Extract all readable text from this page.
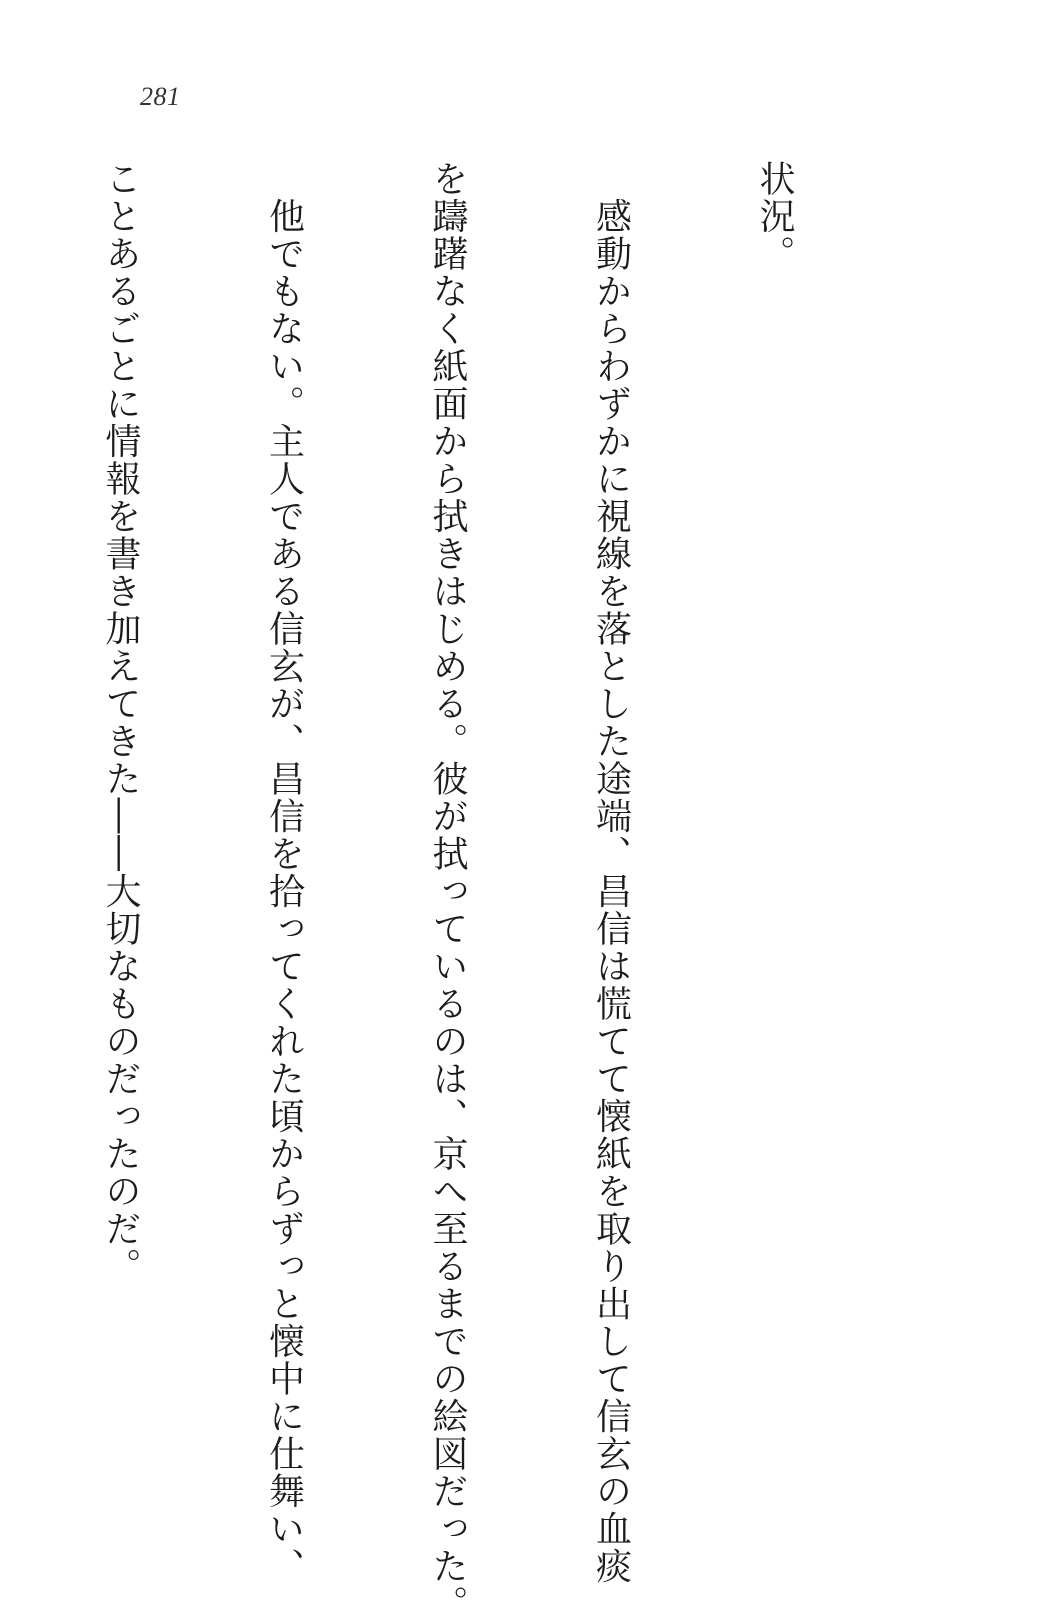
281

状況。

　感動からわずかに視線を落とした途端、昌信は慌てて懐紙を取り出して信玄の血痰

を躊躇なく紙面から拭きはじめる。彼が拭っているのは、京へ至るまでの絵図だった。

　他でもない。主人である信玄が、昌信を拾ってくれた頃からずっと懐中に仕舞い、

ことあるごとに情報を書き加えてきた――大切なものだったのだ。
